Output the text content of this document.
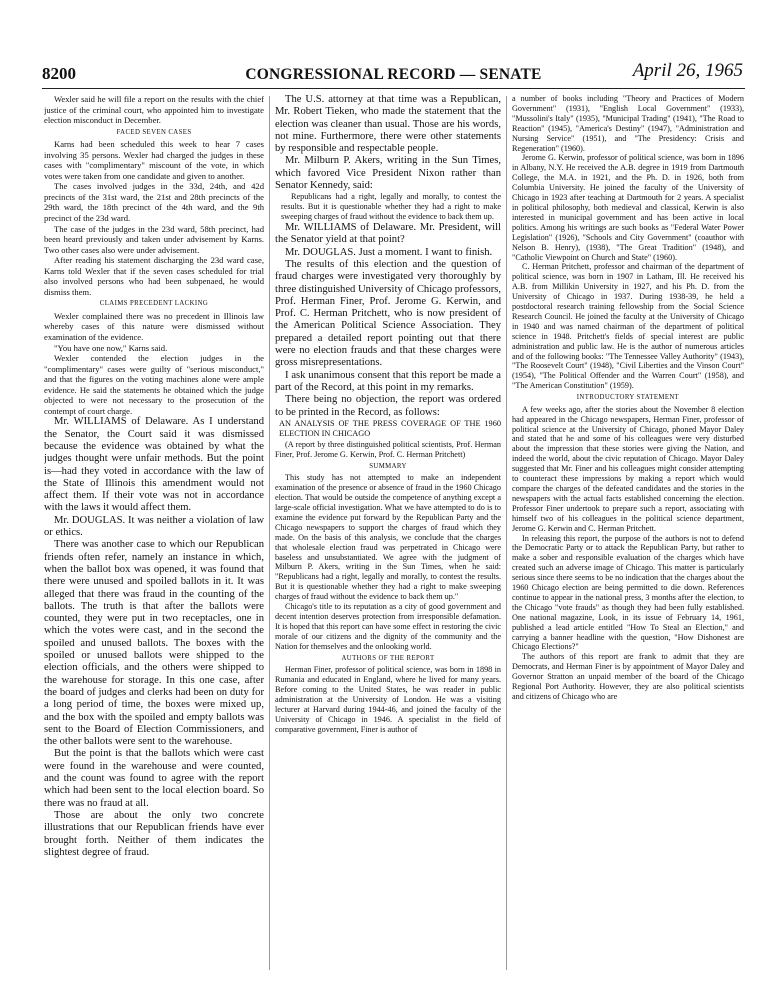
8200	CONGRESSIONAL RECORD — SENATE	April 26, 1965

Wexler said he will file a report on the results with the chief justice of the criminal court, who appointed him to investigate election misconduct in December.

FACED SEVEN CASES

Karns had been scheduled this week to hear 7 cases involving 35 persons. Wexler had charged the judges in these cases with "complimentary" miscount of the vote, in which votes were taken from one candidate and given to another.

The cases involved judges in the 33d, 24th, and 42d precincts of the 31st ward, the 21st and 28th precincts of the 29th ward, the 18th precinct of the 4th ward, and the 9th precinct of the 23d ward.

The case of the judges in the 23d ward, 58th precinct, had been heard previously and taken under advisement by Karns. Two other cases also were under advisement.

After reading his statement discharging the 23d ward case, Karns told Wexler that if the seven cases scheduled for trial also involved persons who had been subpenaed, he would dismiss them.

CLAIMS PRECEDENT LACKING

Wexler complained there was no precedent in Illinois law whereby cases of this nature were dismissed without examination of the evidence.

"You have one now," Karns said.

Wexler contended the election judges in the "complimentary" cases were guilty of "serious misconduct," and that the figures on the voting machines alone were ample evidence. He said the statements he obtained which the judge objected to were not necessary to the prosecution of the contempt of court charge.

Mr. WILLIAMS of Delaware. As I understand the Senator, the Court said it was dismissed because the evidence was obtained by what the judges thought were unfair methods. But the point is—had they voted in accordance with the law of the State of Illinois this amendment would not affect them. If their vote was not in accordance with the laws it would affect them.

Mr. DOUGLAS. It was neither a violation of law or ethics.

There was another case to which our Republican friends often refer, namely an instance in which, when the ballot box was opened, it was found that there were unused and spoiled ballots in it. It was alleged that there was fraud in the counting of the ballots. The truth is that after the ballots were counted, they were put in two receptacles, one in which the votes were cast, and in the second the spoiled and unused ballots. The boxes with the spoiled or unused ballots were shipped to the election officials, and the others were shipped to the warehouse for storage. In this one case, after the board of judges and clerks had been on duty for a long period of time, the boxes were mixed up, and the box with the spoiled and empty ballots was sent to the Board of Election Commissioners, and the other ballots were sent to the warehouse.

But the point is that the ballots which were cast were found in the warehouse and were counted, and the count was found to agree with the report which had been sent to the local election board. So there was no fraud at all.

Those are about the only two concrete illustrations that our Republican friends have ever brought forth. Neither of them indicates the slightest degree of fraud.

The U.S. attorney at that time was a Republican, Mr. Robert Tieken, who made the statement that the election was cleaner than usual. Those are his words, not mine. Furthermore, there were other statements by responsible and respectable people.

Mr. Milburn P. Akers, writing in the Sun Times, which favored Vice President Nixon rather than Senator Kennedy, said:

Republicans had a right, legally and morally, to contest the results. But it is questionable whether they had a right to make sweeping charges of fraud without the evidence to back them up.

Mr. WILLIAMS of Delaware. Mr. President, will the Senator yield at that point?

Mr. DOUGLAS. Just a moment. I want to finish.

The results of this election and the question of fraud charges were investigated very thoroughly by three distinguished University of Chicago professors, Prof. Herman Finer, Prof. Jerome G. Kerwin, and Prof. C. Herman Pritchett, who is now president of the American Political Science Association. They prepared a detailed report pointing out that there were no election frauds and that these charges were gross misrepresentations.

I ask unanimous consent that this report be made a part of the Record, at this point in my remarks.

There being no objection, the report was ordered to be printed in the Record, as follows:

AN ANALYSIS OF THE PRESS COVERAGE OF THE 1960 ELECTION IN CHICAGO

(A report by three distinguished political scientists, Prof. Herman Finer, Prof. Jerome G. Kerwin, Prof. C. Herman Pritchett)

SUMMARY

This study has not attempted to make an independent examination of the presence or absence of fraud in the 1960 Chicago election. That would be outside the competence of anything except a large-scale official investigation. What we have attempted to do is to examine the evidence put forward by the Republican Party and the Chicago newspapers to support the charges of fraud which they made. On the basis of this analysis, we conclude that the charges that wholesale election fraud was perpetrated in Chicago were baseless and unsubstantiated. We agree with the judgment of Milburn P. Akers, writing in the Sun Times, when he said: "Republicans had a right, legally and morally, to contest the results. But it is questionable whether they had a right to make sweeping charges of fraud without the evidence to back them up."

Chicago's title to its reputation as a city of good government and decent intention deserves protection from irresponsible defamation. It is hoped that this report can have some effect in restoring the civic morale of our citizens and the dignity of the community and the Nation for themselves and the onlooking world.

AUTHORS OF THE REPORT

Herman Finer, professor of political science, was born in 1898 in Rumania and educated in England, where he lived for many years. Before coming to the United States, he was reader in public administration at the University of London. He was a visiting lecturer at Harvard during 1944-46, and joined the faculty of the University of Chicago in 1946. A specialist in the field of comparative government, Finer is author of

a number of books including "Theory and Practices of Modern Government" (1931), "English Local Government" (1933), "Mussolini's Italy" (1935), "Municipal Trading" (1941), "The Road to Reaction" (1945), "America's Destiny" (1947), "Administration and Nursing Service" (1951), and "The Presidency: Crisis and Regeneration" (1960).

Jerome G. Kerwin, professor of political science, was born in 1896 in Albany, N.Y. He received the A.B. degree in 1919 from Dartmouth College, the M.A. in 1921, and the Ph. D. in 1926, both from Columbia University. He joined the faculty of the University of Chicago in 1923 after teaching at Dartmouth for 2 years. A specialist in political philosophy, both medieval and classical, Kerwin is also interested in municipal government and has been active in local politics. Among his writings are such books as "Federal Water Power Legislation" (1926), "Schools and City Government" (coauthor with Nelson B. Henry), (1938), "The Great Tradition" (1948), and "Catholic Viewpoint on Church and State" (1960).

C. Herman Pritchett, professor and chairman of the department of political science, was born in 1907 in Latham, Ill. He received his A.B. from Millikin University in 1927, and his Ph. D. from the University of Chicago in 1937. During 1938-39, he held a postdoctoral research training fellowship from the Social Science Research Council. He joined the faculty at the University of Chicago in 1940 and was named chairman of the department of political science in 1948. Pritchett's fields of special interest are public administration and public law. He is the author of numerous articles and of the following books: "The Tennessee Valley Authority" (1943), "The Roosevelt Court" (1948), "Civil Liberties and the Vinson Court" (1954), "The Political Offender and the Warren Court" (1958), and "The American Constitution" (1959).

INTRODUCTORY STATEMENT

A few weeks ago, after the stories about the November 8 election had appeared in the Chicago newspapers, Herman Finer, professor of political science at the University of Chicago, phoned Mayor Daley and stated that he and some of his colleagues were very disturbed about the impression that these stories were giving the Nation, and indeed the world, about the civic reputation of Chicago. Mayor Daley suggested that Mr. Finer and his colleagues might consider attempting to counteract these impressions by making a report which would compare the charges of the defeated candidates and the stories in the newspapers with the actual facts established concerning the election. Professor Finer undertook to prepare such a report, associating with himself two of his colleagues in the political science department, Jerome G. Kerwin and C. Herman Pritchett.

In releasing this report, the purpose of the authors is not to defend the Democratic Party or to attack the Republican Party, but rather to make a sober and responsible evaluation of the charges which have created such an adverse image of Chicago. This matter is particularly serious since there seems to be no indication that the charges about the 1960 Chicago election are being permitted to die down. References continue to appear in the national press, 3 months after the election, to the Chicago "vote frauds" as though they had been fully established. One national magazine, Look, in its issue of February 14, 1961, published a lead article entitled "How To Steal an Election," and carrying a banner headline with the question, "How Dishonest are Chicago Elections?"

The authors of this report are frank to admit that they are Democrats, and Herman Finer is by appointment of Mayor Daley and Governor Stratton an unpaid member of the board of the Chicago Regional Port Authority. However, they are also political scientists and citizens of Chicago who are
